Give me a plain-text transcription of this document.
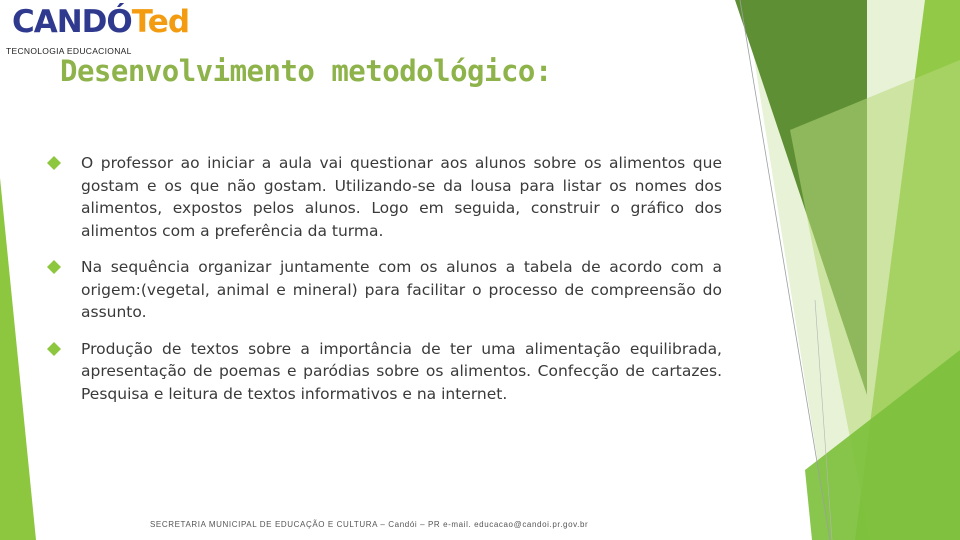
CANDÓTed
TECNOLOGIA EDUCACIONAL
Desenvolvimento metodológico:
O professor ao iniciar a aula vai questionar aos alunos sobre os alimentos que gostam e os que não gostam. Utilizando-se da lousa para listar os nomes dos alimentos, expostos pelos alunos. Logo em seguida, construir o gráfico dos alimentos com a preferência da turma.
Na sequência organizar juntamente com os alunos a tabela de acordo com a origem:(vegetal, animal e mineral) para facilitar o processo de compreensão do assunto.
Produção de textos sobre a importância de ter uma alimentação equilibrada, apresentação de poemas e paródias sobre os alimentos. Confecção de cartazes. Pesquisa e leitura de textos informativos e na internet.
SECRETARIA MUNICIPAL DE EDUCAÇÃO E CULTURA – Candói – PR e-mail. educacao@candoi.pr.gov.br
